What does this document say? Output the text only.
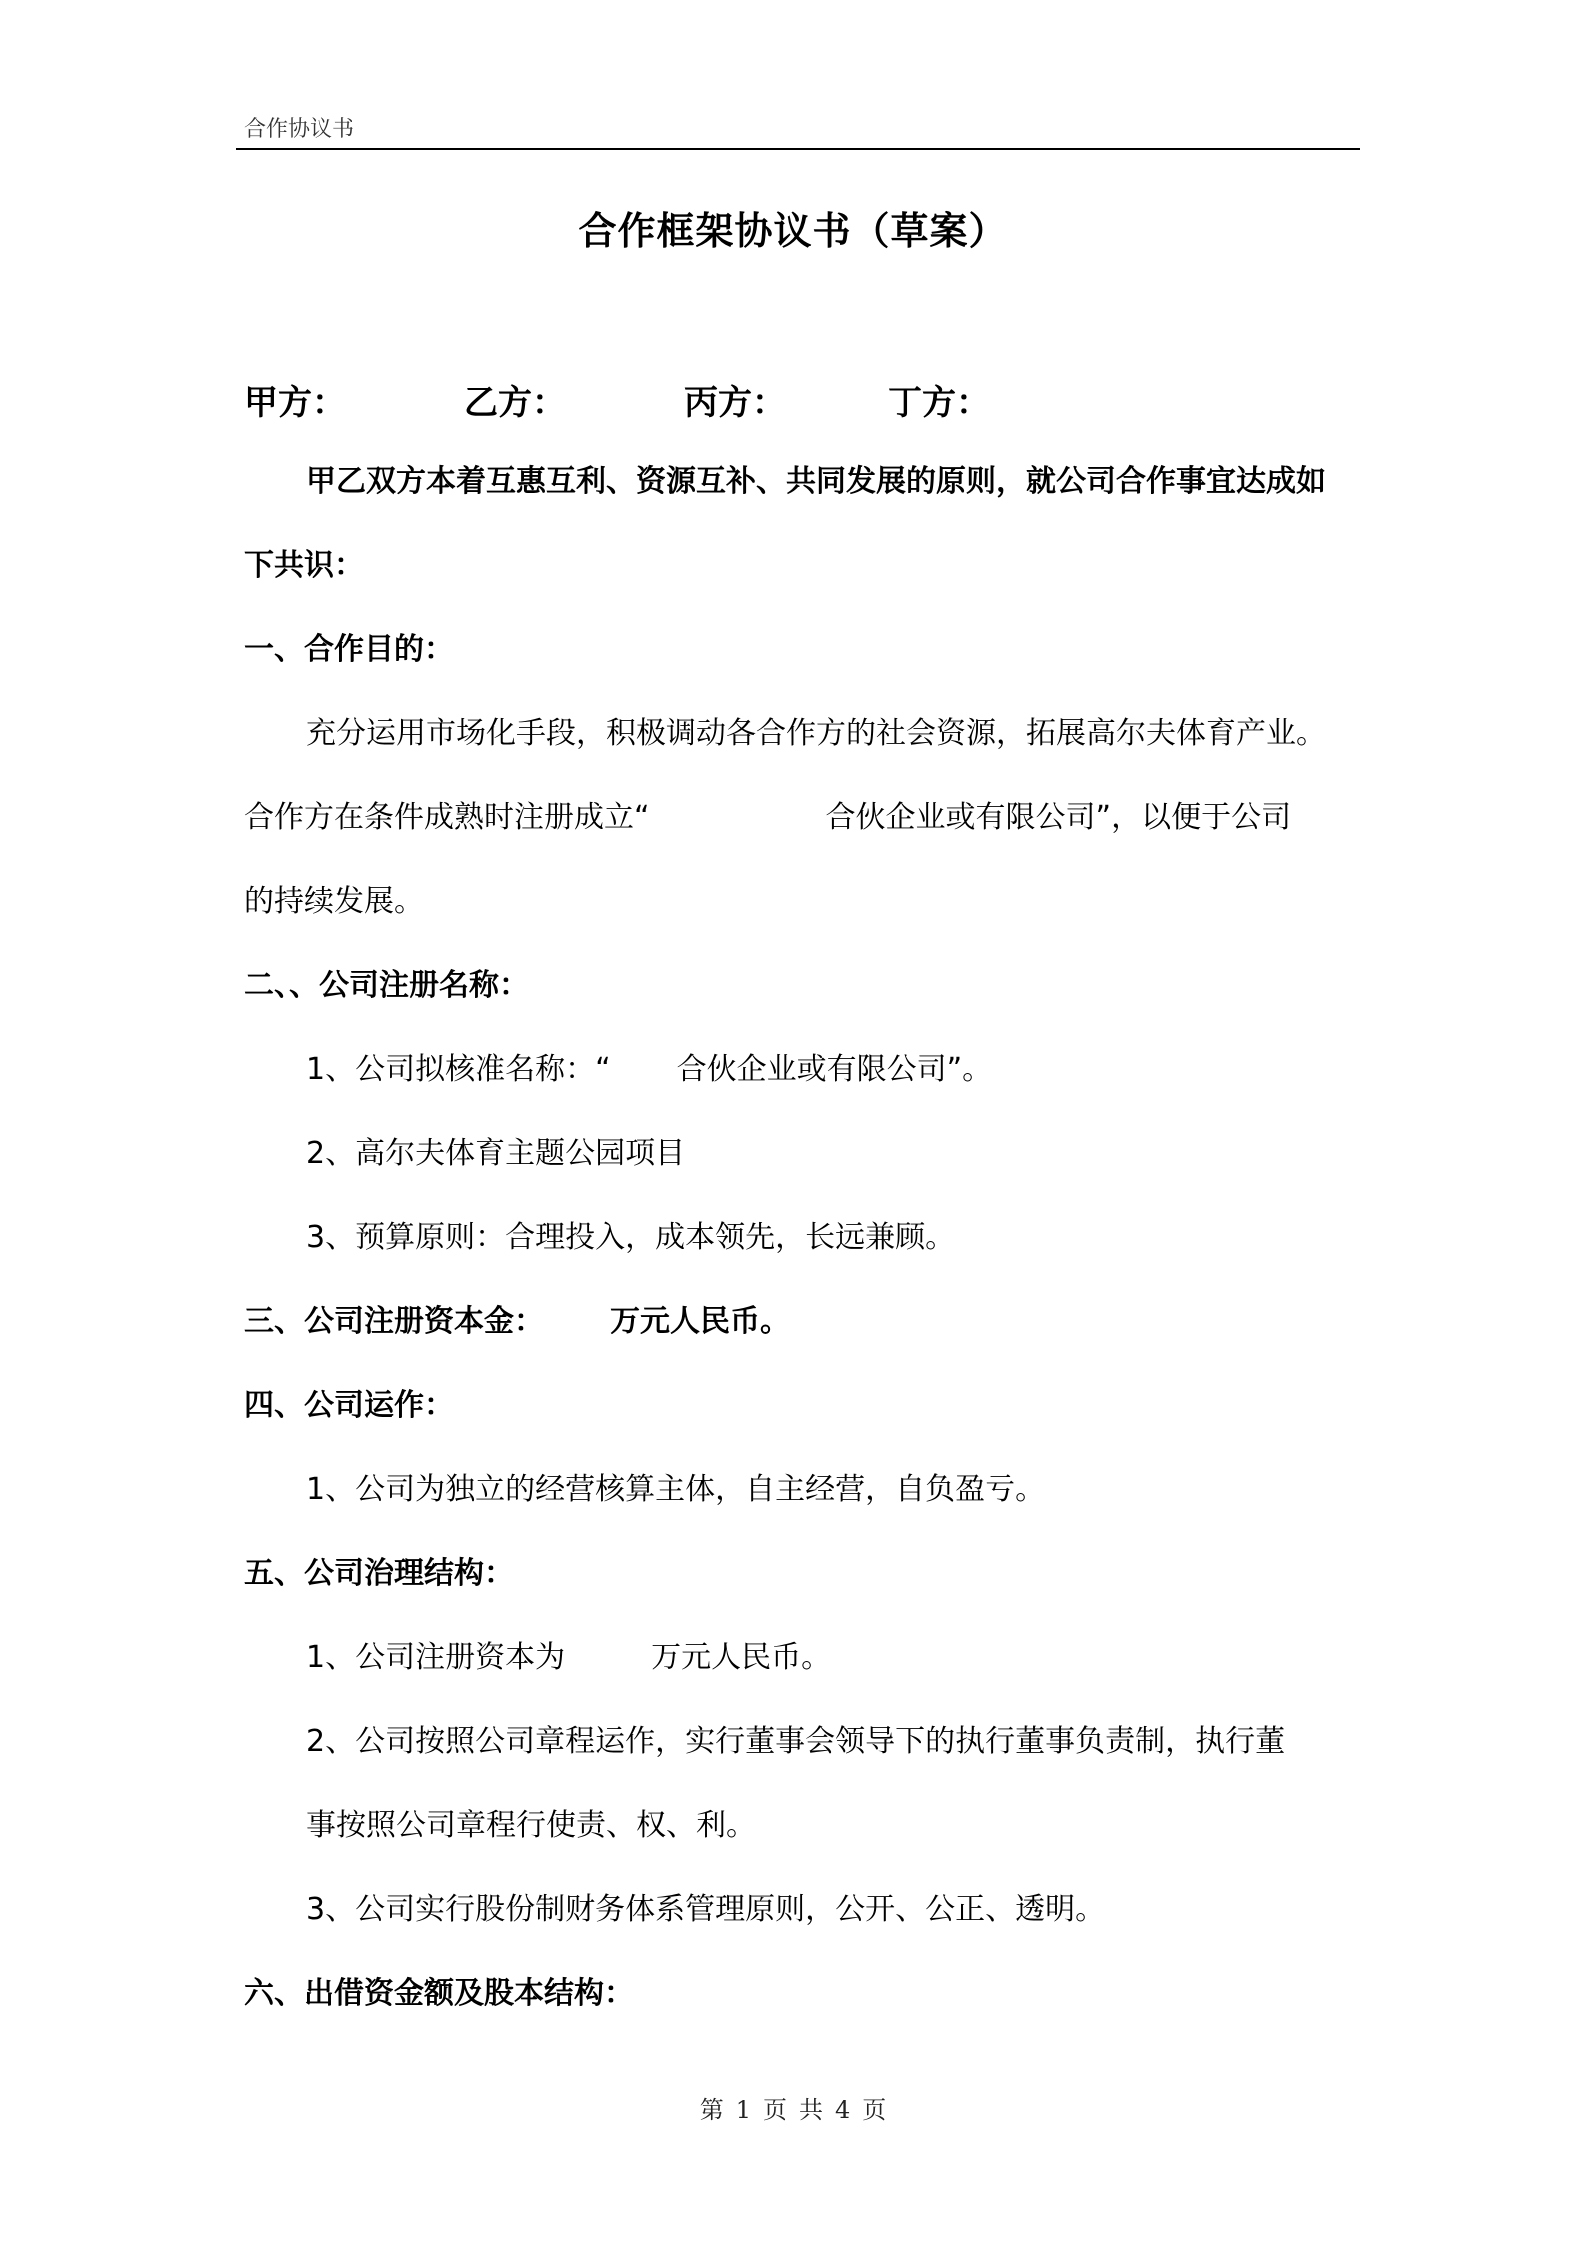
合作协议书
合作框架协议书（草案）
甲方：	乙方：	丙方：	丁方：
甲乙双方本着互惠互利、资源互补、共同发展的原则，就公司合作事宜达成如
下共识：
一、合作目的：
充分运用市场化手段，积极调动各合作方的社会资源，拓展高尔夫体育产业。
合作方在条件成熟时注册成立“	合伙企业或有限公司”，以便于公司
的持续发展。
二、、公司注册名称：
1、公司拟核准名称：“ 合伙企业或有限公司”。
2、高尔夫体育主题公园项目
3、预算原则：合理投入，成本领先，长远兼顾。
三、公司注册资本金： 万元人民币。
四、公司运作：
1、公司为独立的经营核算主体，自主经营，自负盈亏。
五、公司治理结构：
1、公司注册资本为	万元人民币。
2、公司按照公司章程运作，实行董事会领导下的执行董事负责制，执行董
事按照公司章程行使责、权、利。
3、公司实行股份制财务体系管理原则，公开、公正、透明。
六、出借资金额及股本结构：
第 1 页 共 4 页
